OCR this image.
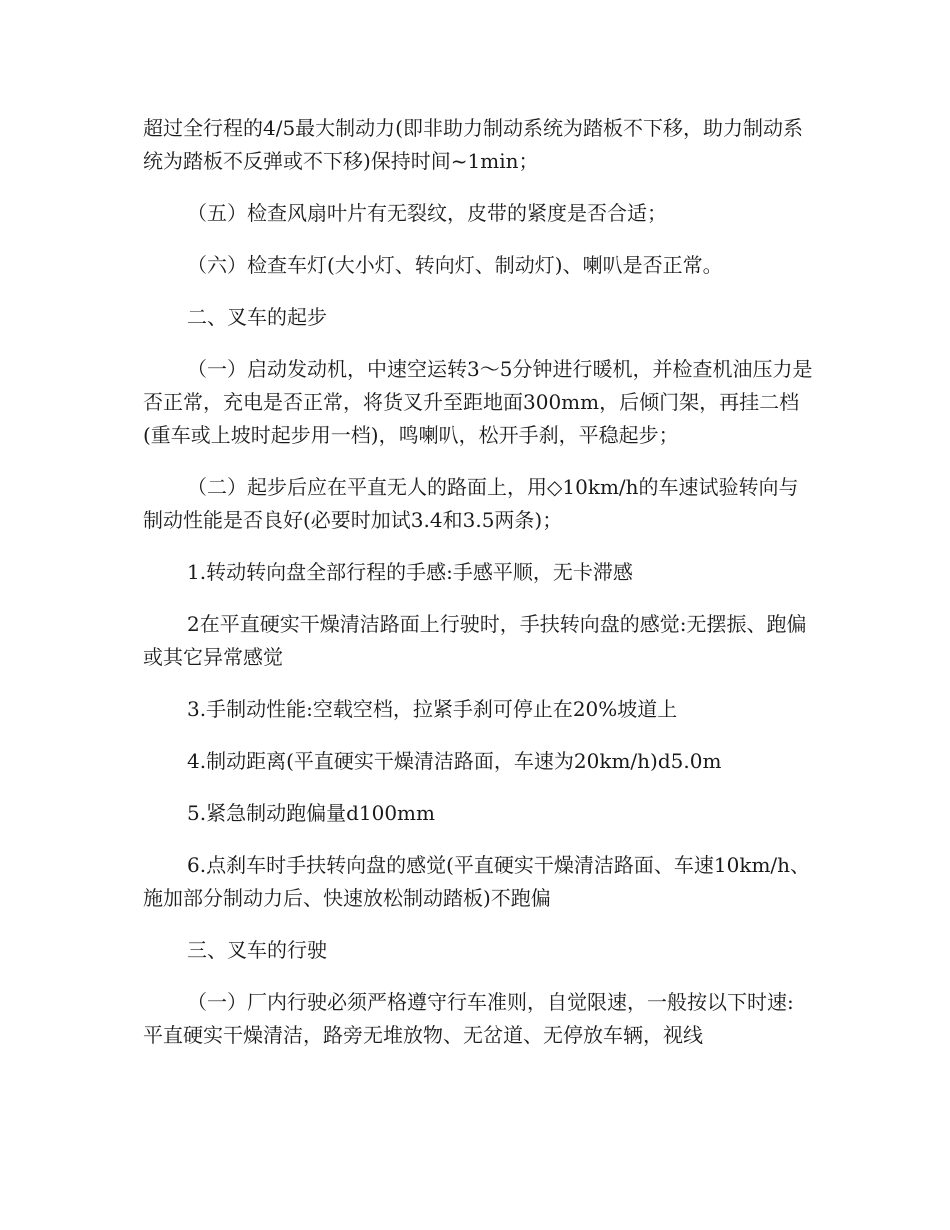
超过全行程的4/5最大制动力(即非助力制动系统为踏板不下移，助力制动系统为踏板不反弹或不下移)保持时间~1min；

（五）检查风扇叶片有无裂纹，皮带的紧度是否合适；

（六）检查车灯(大小灯、转向灯、制动灯)、喇叭是否正常。

二、叉车的起步

（一）启动发动机，中速空运转3～5分钟进行暖机，并检查机油压力是否正常，充电是否正常，将货叉升至距地面300mm，后倾门架，再挂二档(重车或上坡时起步用一档)，鸣喇叭，松开手刹，平稳起步；

（二）起步后应在平直无人的路面上，用◇10km/h的车速试验转向与制动性能是否良好(必要时加试3.4和3.5两条)；

1.转动转向盘全部行程的手感:手感平顺，无卡滞感

2在平直硬实干燥清洁路面上行驶时，手扶转向盘的感觉:无摆振、跑偏或其它异常感觉

3.手制动性能:空载空档，拉紧手刹可停止在20%坡道上

4.制动距离(平直硬实干燥清洁路面，车速为20km/h)d5.0m

5.紧急制动跑偏量d100mm

6.点刹车时手扶转向盘的感觉(平直硬实干燥清洁路面、车速10km/h、施加部分制动力后、快速放松制动踏板)不跑偏

三、叉车的行驶

（一）厂内行驶必须严格遵守行车准则，自觉限速，一般按以下时速:平直硬实干燥清洁，路旁无堆放物、无岔道、无停放车辆，视线
